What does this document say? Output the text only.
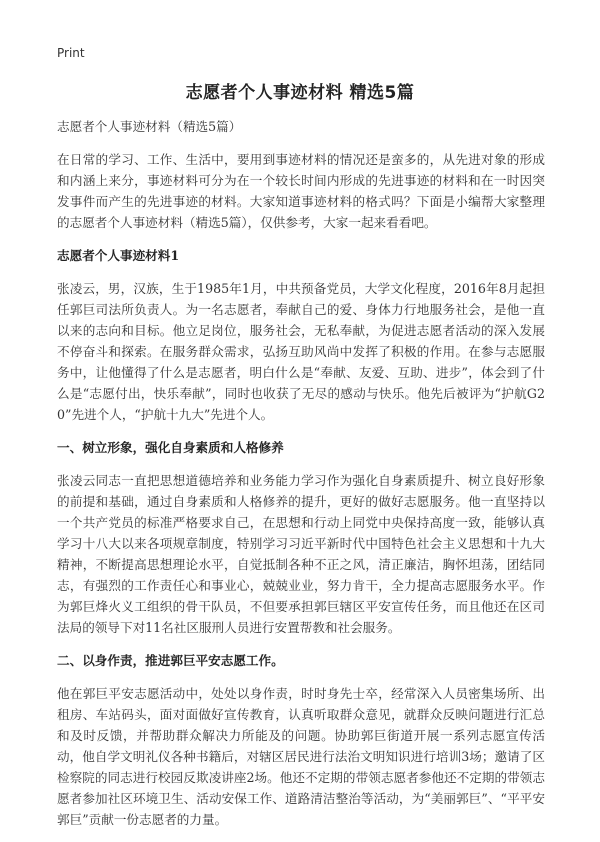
Print
志愿者个人事迹材料 精选5篇
志愿者个人事迹材料（精选5篇）
在日常的学习、工作、生活中，要用到事迹材料的情况还是蛮多的，从先进对象的形成和内涵上来分，事迹材料可分为在一个较长时间内形成的先进事迹的材料和在一时因突发事件而产生的先进事迹的材料。大家知道事迹材料的格式吗？下面是小编帮大家整理的志愿者个人事迹材料（精选5篇），仅供参考，大家一起来看看吧。
志愿者个人事迹材料1
张凌云，男，汉族，生于1985年1月，中共预备党员，大学文化程度，2016年8月起担任郭巨司法所负责人。为一名志愿者，奉献自己的爱、身体力行地服务社会，是他一直以来的志向和目标。他立足岗位，服务社会，无私奉献，为促进志愿者活动的深入发展不停奋斗和探索。在服务群众需求，弘扬互助风尚中发挥了积极的作用。在参与志愿服务中，让他懂得了什么是志愿者，明白什么是“奉献、友爱、互助、进步”，体会到了什么是“志愿付出，快乐奉献”，同时也收获了无尽的感动与快乐。他先后被评为“护航G20”先进个人，“护航十九大”先进个人。
一、树立形象，强化自身素质和人格修养
张凌云同志一直把思想道德培养和业务能力学习作为强化自身素质提升、树立良好形象的前提和基础，通过自身素质和人格修养的提升，更好的做好志愿服务。他一直坚持以一个共产党员的标准严格要求自己，在思想和行动上同党中央保持高度一致，能够认真学习十八大以来各项规章制度，特别学习习近平新时代中国特色社会主义思想和十九大精神，不断提高思想理论水平，自觉抵制各种不正之风，清正廉洁，胸怀坦荡，团结同志，有强烈的工作责任心和事业心，兢兢业业，努力肯干，全力提高志愿服务水平。作为郭巨烽火义工组织的骨干队员，不但要承担郭巨辖区平安宣传任务，而且他还在区司法局的领导下对11名社区服刑人员进行安置帮教和社会服务。
二、以身作责，推进郭巨平安志愿工作。
他在郭巨平安志愿活动中，处处以身作责，时时身先士卒，经常深入人员密集场所、出租房、车站码头，面对面做好宣传教育，认真听取群众意见，就群众反映问题进行汇总和及时反馈，并帮助群众解决力所能及的问题。协助郭巨街道开展一系列志愿宣传活动，他自学文明礼仪各种书籍后，对辖区居民进行法治文明知识进行培训3场；邀请了区检察院的同志进行校园反欺凌讲座2场。他还不定期的带领志愿者参他还不定期的带领志愿者参加社区环境卫生、活动安保工作、道路清洁整治等活动，为“美丽郭巨”、“平平安郭巨”贡献一份志愿者的力量。
